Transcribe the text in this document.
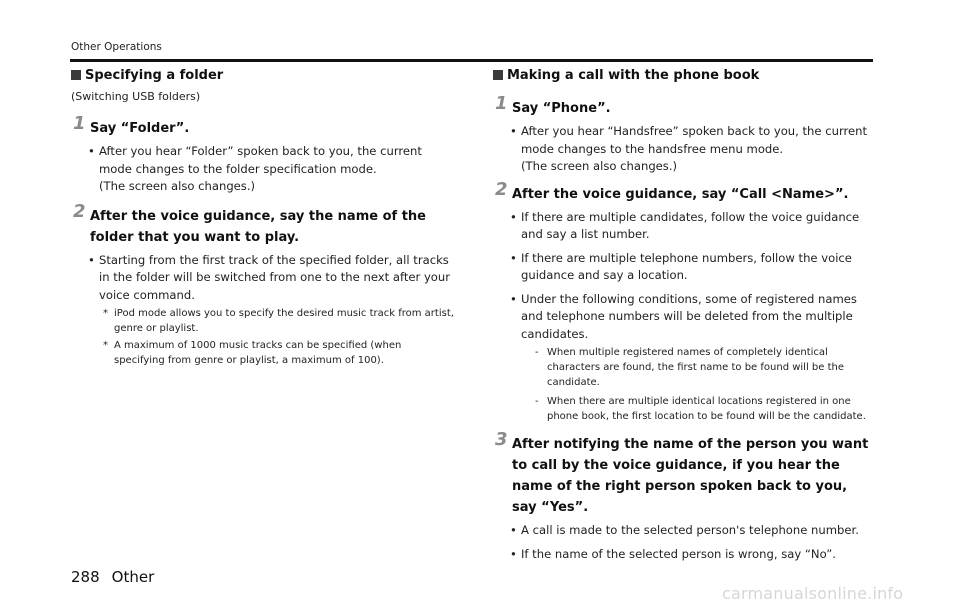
Other Operations
Specifying a folder
(Switching USB folders)
1 Say “Folder”.
• After you hear “Folder” spoken back to you, the current mode changes to the folder specification mode.
(The screen also changes.)
2 After the voice guidance, say the name of the folder that you want to play.
• Starting from the first track of the specified folder, all tracks in the folder will be switched from one to the next after your voice command.
* iPod mode allows you to specify the desired music track from artist, genre or playlist.
* A maximum of 1000 music tracks can be specified (when specifying from genre or playlist, a maximum of 100).
Making a call with the phone book
1 Say “Phone”.
• After you hear “Handsfree” spoken back to you, the current mode changes to the handsfree menu mode.
(The screen also changes.)
2 After the voice guidance, say “Call <Name>”.
• If there are multiple candidates, follow the voice guidance and say a list number.
• If there are multiple telephone numbers, follow the voice guidance and say a location.
• Under the following conditions, some of registered names and telephone numbers will be deleted from the multiple candidates.
- When multiple registered names of completely identical characters are found, the first name to be found will be the candidate.
- When there are multiple identical locations registered in one phone book, the first location to be found will be the candidate.
3 After notifying the name of the person you want to call by the voice guidance, if you hear the name of the right person spoken back to you, say “Yes”.
• A call is made to the selected person's telephone number.
• If the name of the selected person is wrong, say “No”.
288 Other
carmanualsonline.info
